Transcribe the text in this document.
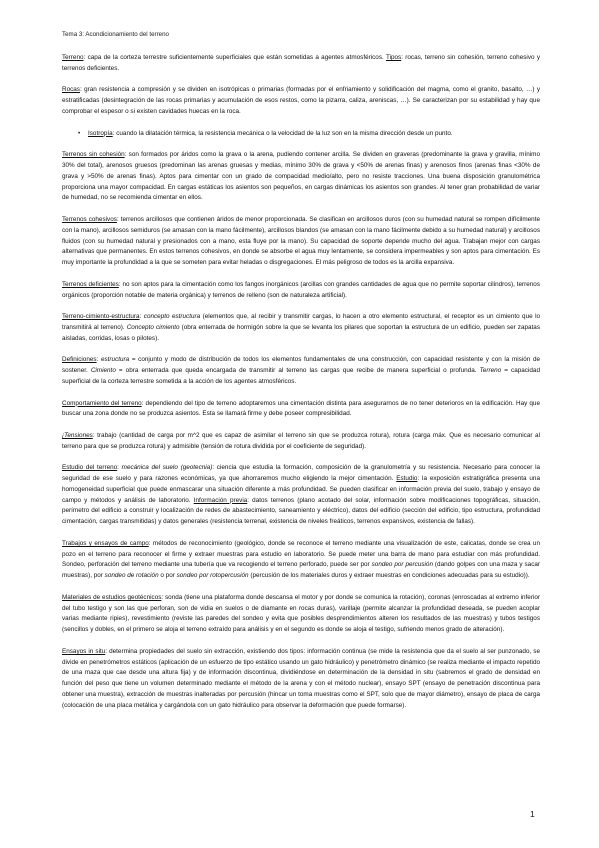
Tema 3: Acondicionamiento del terreno

Terreno: capa de la corteza terrestre suficientemente superficiales que están sometidas a agentes atmosféricos. Tipos: rocas, terreno sin cohesión, terreno cohesivo y terrenos deficientes.

Rocas: gran resistencia a compresión y se dividen en isotrópicas o primarias (formadas por el enfriamiento y solidificación del magma, como el granito, basalto, …) y estratificadas (desintegración de las rocas primarias y acumulación de esos restos, como la pizarra, caliza, areniscas, …). Se caracterizan por su estabilidad y hay que comprobar el espesor o si existen cavidades huecas en la roca.

• Isotropía: cuando la dilatación térmica, la resistencia mecánica o la velocidad de la luz son en la misma dirección desde un punto.

Terrenos sin cohesión: son formados por áridos como la grava o la arena, pudiendo contener arcilla. Se dividen en graveras (predominante la grava y gravilla, mínimo 30% del total), arenosos gruesos (predominan las arenas gruesas y medias, mínimo 30% de grava y <50% de arenas finas) y arenosos finos (arenas finas <30% de grava y >50% de arenas finas). Aptos para cimentar con un grado de compacidad medio/alto, pero no resiste tracciones. Una buena disposición granulométrica proporciona una mayor compacidad. En cargas estáticas los asientos son pequeños, en cargas dinámicas los asientos son grandes. Al tener gran probabilidad de variar de humedad, no se recomienda cimentar en ellos.

Terrenos cohesivos: terrenos arcillosos que contienen áridos de menor proporcionada. Se clasifican en arcillosos duros (con su humedad natural se rompen difícilmente con la mano), arcillosos semiduros (se amasan con la mano fácilmente), arcillosos blandos (se amasan con la mano fácilmente debido a su humedad natural) y arcillosos fluidos (con su humedad natural y presionados con a mano, esta fluye por la mano). Su capacidad de soporte depende mucho del agua. Trabajan mejor con cargas alternativas que permanentes. En estos terrenos cohesivos, en donde se absorbe el agua muy lentamente, se considera impermeables y son aptos para cimentación. Es muy importante la profundidad a la que se someten para evitar heladas o disgregaciones. El más peligroso de todos es la arcilla expansiva.

Terrenos deficientes: no son aptos para la cimentación como los fangos inorgánicos (arcillas con grandes cantidades de agua que no permite soportar cilindros), terrenos orgánicos (proporción notable de materia orgánica) y terrenos de relleno (son de naturaleza artificial).

Terreno-cimiento-estructura: concepto estructura (elementos que, al recibir y transmitir cargas, lo hacen a otro elemento estructural, el receptor es un cimiento que lo transmitirá al terreno). Concepto cimiento (obra enterrada de hormigón sobre la que se levanta los pilares que soportan la estructura de un edificio, pueden ser zapatas aisladas, corridas, losas o pilotes).

Definiciones: estructura = conjunto y modo de distribución de todos los elementos fundamentales de una construcción, con capacidad resistente y con la misión de sostener. Cimiento = obra enterrada que queda encargada de transmitir al terreno las cargas que recibe de manera superficial o profunda. Terreno = capacidad superficial de la corteza terrestre sometida a la acción de los agentes atmosféricos.

Comportamiento del terreno: dependiendo del tipo de terreno adoptaremos una cimentación distinta para asegurarnos de no tener deterioros en la edificación. Hay que buscar una zona donde no se produzca asientos. Esta se llamará firme y debe poseer compresibilidad.

¡Tensiones: trabajo (cantidad de carga por m^2 que es capaz de asimilar el terreno sin que se produzca rotura), rotura (carga máx. Que es necesario comunicar al terreno para que se produzca rotura) y admisible (tensión de rotura dividida por el coeficiente de seguridad).

Estudio del terreno: mecánica del suelo (geotecnia): ciencia que estudia la formación, composición de la granulometría y su resistencia. Necesario para conocer la seguridad de ese suelo y para razones económicas, ya que ahorraremos mucho eligiendo la mejor cimentación. Estudio: la exposición estratigráfica presenta una homogeneidad superficial que puede enmascarar una situación diferente a más profundidad. Se pueden clasificar en información previa del suelo, trabajo y ensayo de campo y métodos y análisis de laboratorio. Información previa: datos terrenos (plano acotado del solar, información sobre modificaciones topográficas, situación, perímetro del edificio a construir y localización de redes de abastecimiento, saneamiento y eléctrico), datos del edificio (sección del edificio, tipo estructura, profundidad cimentación, cargas transmitidas) y datos generales (resistencia terrenal, existencia de niveles freáticos, terrenos expansivos, existencia de fallas).

Trabajos y ensayos de campo: métodos de reconocimiento (geológico, donde se reconoce el terreno mediante una visualización de este, calicatas, donde se crea un pozo en el terreno para reconocer el firme y extraer muestras para estudio en laboratorio. Se puede meter una barra de mano para estudiar con más profundidad. Sondeo, perforación del terreno mediante una tubería que va recogiendo el terreno perforado, puede ser por sondeo por percusión (dando golpes con una maza y sacar muestras), por sondeo de rotación o por sondeo por rotopercusión (percusión de los materiales duros y extraer muestras en condiciones adecuadas para su estudio)).

Materiales de estudios geotécnicos: sonda (tiene una plataforma donde descansa el motor y por donde se comunica la rotación), coronas (enroscadas al extremo inferior del tubo testigo y son las que perforan, son de vidia en suelos o de diamante en rocas duras), varillaje (permite alcanzar la profundidad deseada, se pueden acoplar varias mediante ripies), revestimiento (reviste las paredes del sondeo y evita que posibles desprendimientos alteren los resultados de las muestras) y tubos testigos (sencillos y dobles, en el primero se aloja el terreno extraído para análisis y en el segundo es donde se aloja el testigo, sufriendo menos grado de alteración).

Ensayos in situ: determina propiedades del suelo sin extracción, existiendo dos tipos: información continua (se mide la resistencia que da el suelo al ser punzonado, se divide en penetrómetros estáticos (aplicación de un esfuerzo de tipo estático usando un gato hidráulico) y penetrómetro dinámico (se realiza mediante el impacto repetido de una maza que cae desde una altura fija) y de información discontinua, dividiéndose en determinación de la densidad in situ (sabremos el grado de densidad en función del peso que tiene un volumen determinado mediante el método de la arena y con el método nuclear), ensayo SPT (ensayo de penetración discontinua para obtener una muestra), extracción de muestras inalteradas por percusión (hincar un toma muestras como el SPT, solo que de mayor diámetro), ensayo de placa de carga (colocación de una placa metálica y cargándola con un gato hidráulico para observar la deformación que puede formarse).

1
